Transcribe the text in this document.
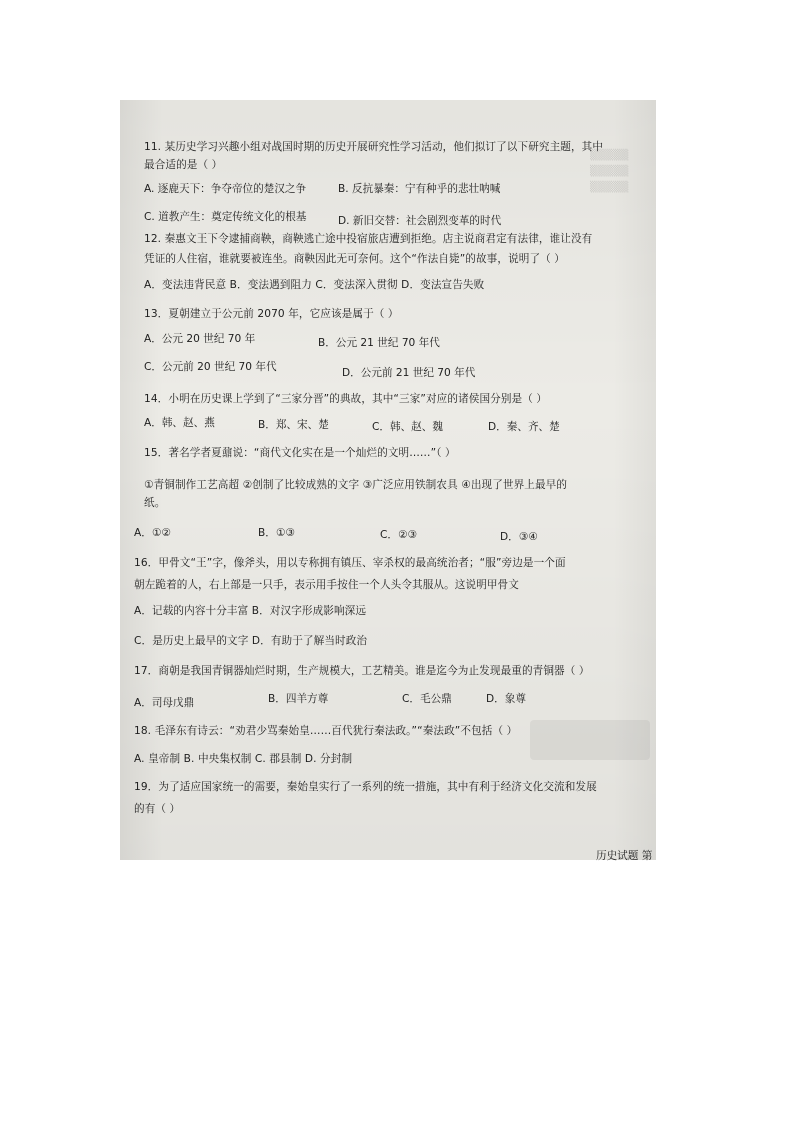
▒▒▒▒▒
▒▒▒▒▒
▒▒▒▒▒
11. 某历史学习兴趣小组对战国时期的历史开展研究性学习活动，他们拟订了以下研究主题，其中
最合适的是（ ）
A. 逐鹿天下：争夺帝位的楚汉之争	B. 反抗暴秦：宁有种乎的悲壮呐喊
C. 道教产生：奠定传统文化的根基	D. 新旧交替：社会剧烈变革的时代
12. 秦惠文王下令逮捕商鞅，商鞅逃亡途中投宿旅店遭到拒绝。店主说商君定有法律，谁让没有
凭证的人住宿，谁就要被连坐。商鞅因此无可奈何。这个“作法自毙”的故事，说明了（ ）
A．变法违背民意 B．变法遇到阻力 C．变法深入贯彻 D．变法宣告失败
13．夏朝建立于公元前 2070 年，它应该是属于（ ）
A．公元 20 世纪 70 年	B．公元 21 世纪 70 年代
C．公元前 20 世纪 70 年代	D．公元前 21 世纪 70 年代
14．小明在历史课上学到了“三家分晋”的典故，其中“三家”对应的诸侯国分别是（ ）
A．韩、赵、燕	B．郑、宋、楚	C．韩、赵、魏	D．秦、齐、楚
15．著名学者夏鼐说：“商代文化实在是一个灿烂的文明……”（ ）
①青铜制作工艺高超 ②创制了比较成熟的文字 ③广泛应用铁制农具 ④出现了世界上最早的
纸。
A．①②	B．①③	C．②③	D．③④
16．甲骨文“王”字，像斧头，用以专称拥有镇压、宰杀权的最高统治者；“服”旁边是一个面
朝左跪着的人，右上部是一只手，表示用手按住一个人头令其服从。这说明甲骨文
A．记载的内容十分丰富 B．对汉字形成影响深远
C．是历史上最早的文字 D．有助于了解当时政治
17．商朝是我国青铜器灿烂时期，生产规模大，工艺精美。谁是迄今为止发现最重的青铜器（ ）
A．司母戊鼎	B．四羊方尊	C．毛公鼎	D．象尊
18. 毛泽东有诗云：“劝君少骂秦始皇……百代犹行秦法政。”“秦法政”不包括（ ）
A. 皇帝制 B. 中央集权制 C. 郡县制 D. 分封制
19．为了适应国家统一的需要，秦始皇实行了一系列的统一措施，其中有利于经济文化交流和发展
的有（ ）
历史试题 第
